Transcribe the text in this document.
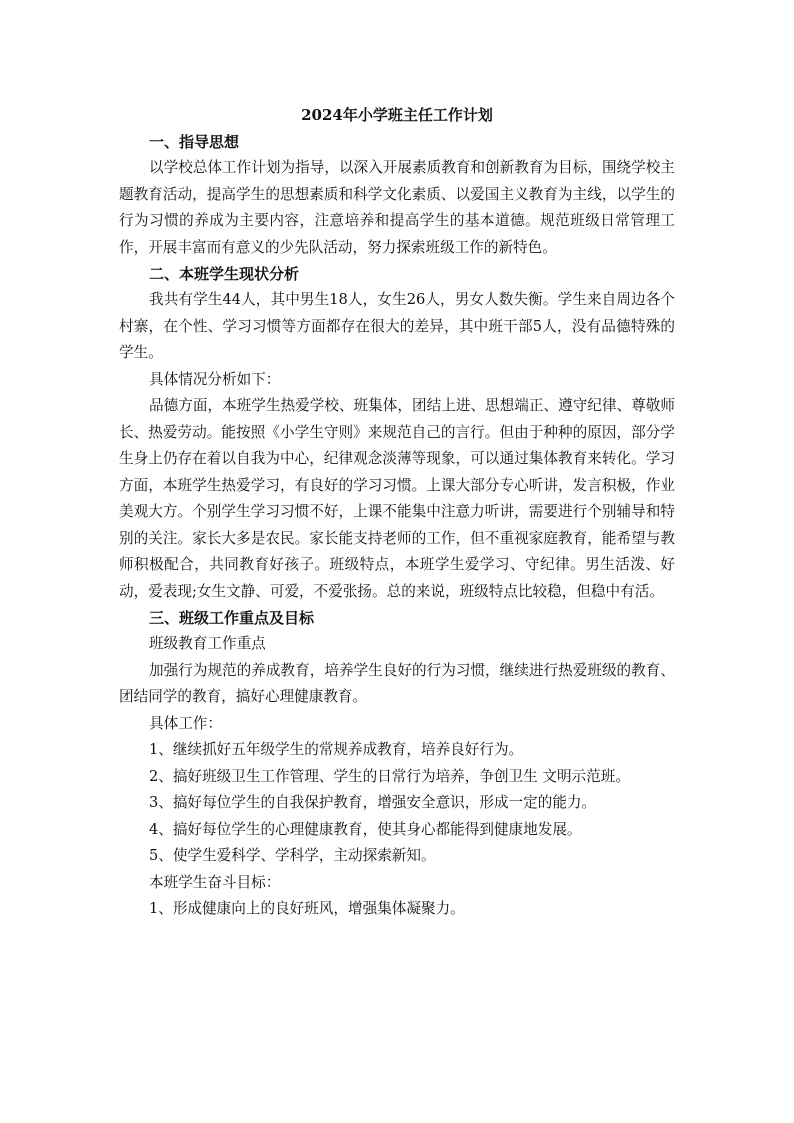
2024年小学班主任工作计划
一、指导思想
以学校总体工作计划为指导，以深入开展素质教育和创新教育为目标，围绕学校主题教育活动，提高学生的思想素质和科学文化素质、以爱国主义教育为主线，以学生的行为习惯的养成为主要内容，注意培养和提高学生的基本道德。规范班级日常管理工作，开展丰富而有意义的少先队活动，努力探索班级工作的新特色。
二、本班学生现状分析
我共有学生44人，其中男生18人，女生26人，男女人数失衡。学生来自周边各个村寨，在个性、学习习惯等方面都存在很大的差异，其中班干部5人，没有品德特殊的学生。
具体情况分析如下：
品德方面，本班学生热爱学校、班集体，团结上进、思想端正、遵守纪律、尊敬师长、热爱劳动。能按照《小学生守则》来规范自己的言行。但由于种种的原因，部分学生身上仍存在着以自我为中心，纪律观念淡薄等现象，可以通过集体教育来转化。学习方面，本班学生热爱学习，有良好的学习习惯。上课大部分专心听讲，发言积极，作业美观大方。个别学生学习习惯不好，上课不能集中注意力听讲，需要进行个别辅导和特别的关注。家长大多是农民。家长能支持老师的工作，但不重视家庭教育，能希望与教师积极配合，共同教育好孩子。班级特点，本班学生爱学习、守纪律。男生活泼、好动，爱表现;女生文静、可爱，不爱张扬。总的来说，班级特点比较稳，但稳中有活。
三、班级工作重点及目标
班级教育工作重点
加强行为规范的养成教育，培养学生良好的行为习惯，继续进行热爱班级的教育、团结同学的教育，搞好心理健康教育。
具体工作：
1、继续抓好五年级学生的常规养成教育，培养良好行为。
2、搞好班级卫生工作管理、学生的日常行为培养，争创卫生 文明示范班。
3、搞好每位学生的自我保护教育，增强安全意识，形成一定的能力。
4、搞好每位学生的心理健康教育，使其身心都能得到健康地发展。
5、使学生爱科学、学科学，主动探索新知。
本班学生奋斗目标：
1、形成健康向上的良好班风，增强集体凝聚力。
